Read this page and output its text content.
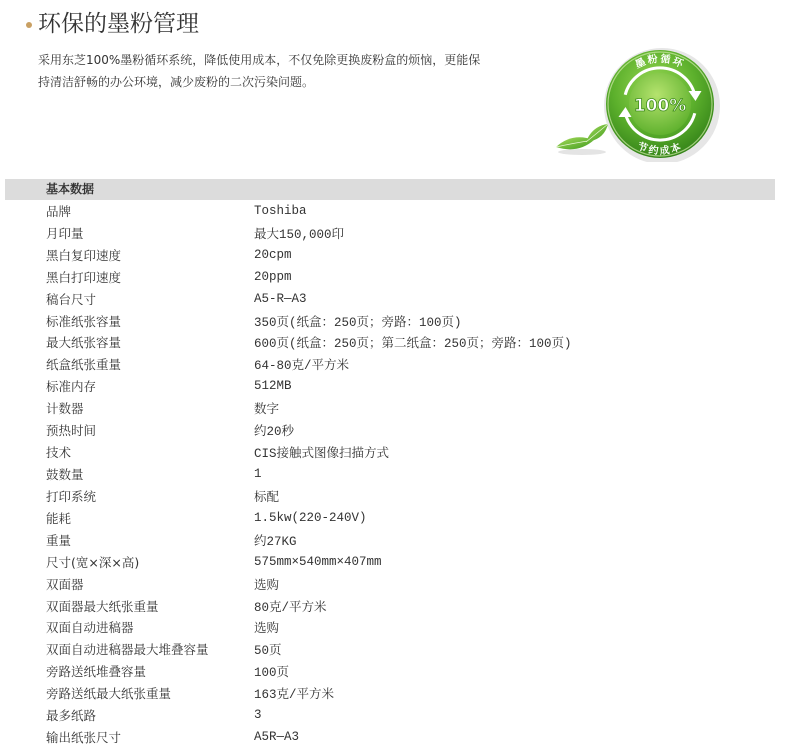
环保的墨粉管理
采用东芝100%墨粉循环系统，降低使用成本，不仅免除更换废粉盒的烦恼，更能保
持清洁舒畅的办公环境，减少废粉的二次污染问题。
墨粉循环
100%
节约成本
基本数据
品牌	Toshiba
月印量	最大150,000印
黑白复印速度	20cpm
黑白打印速度	20ppm
稿台尺寸	A5-R—A3
标准纸张容量	350页(纸盒：250页；旁路：100页)
最大纸张容量	600页(纸盒：250页；第二纸盒：250页；旁路：100页)
纸盒纸张重量	64-80克/平方米
标准内存	512MB
计数器	数字
预热时间	约20秒
技术	CIS接触式图像扫描方式
鼓数量	1
打印系统	标配
能耗	1.5kw(220-240V)
重量	约27KG
尺寸(宽×深×高)	575mm×540mm×407mm
双面器	选购
双面器最大纸张重量	80克/平方米
双面自动进稿器	选购
双面自动进稿器最大堆叠容量	50页
旁路送纸堆叠容量	100页
旁路送纸最大纸张重量	163克/平方米
最多纸路	3
输出纸张尺寸	A5R—A3
